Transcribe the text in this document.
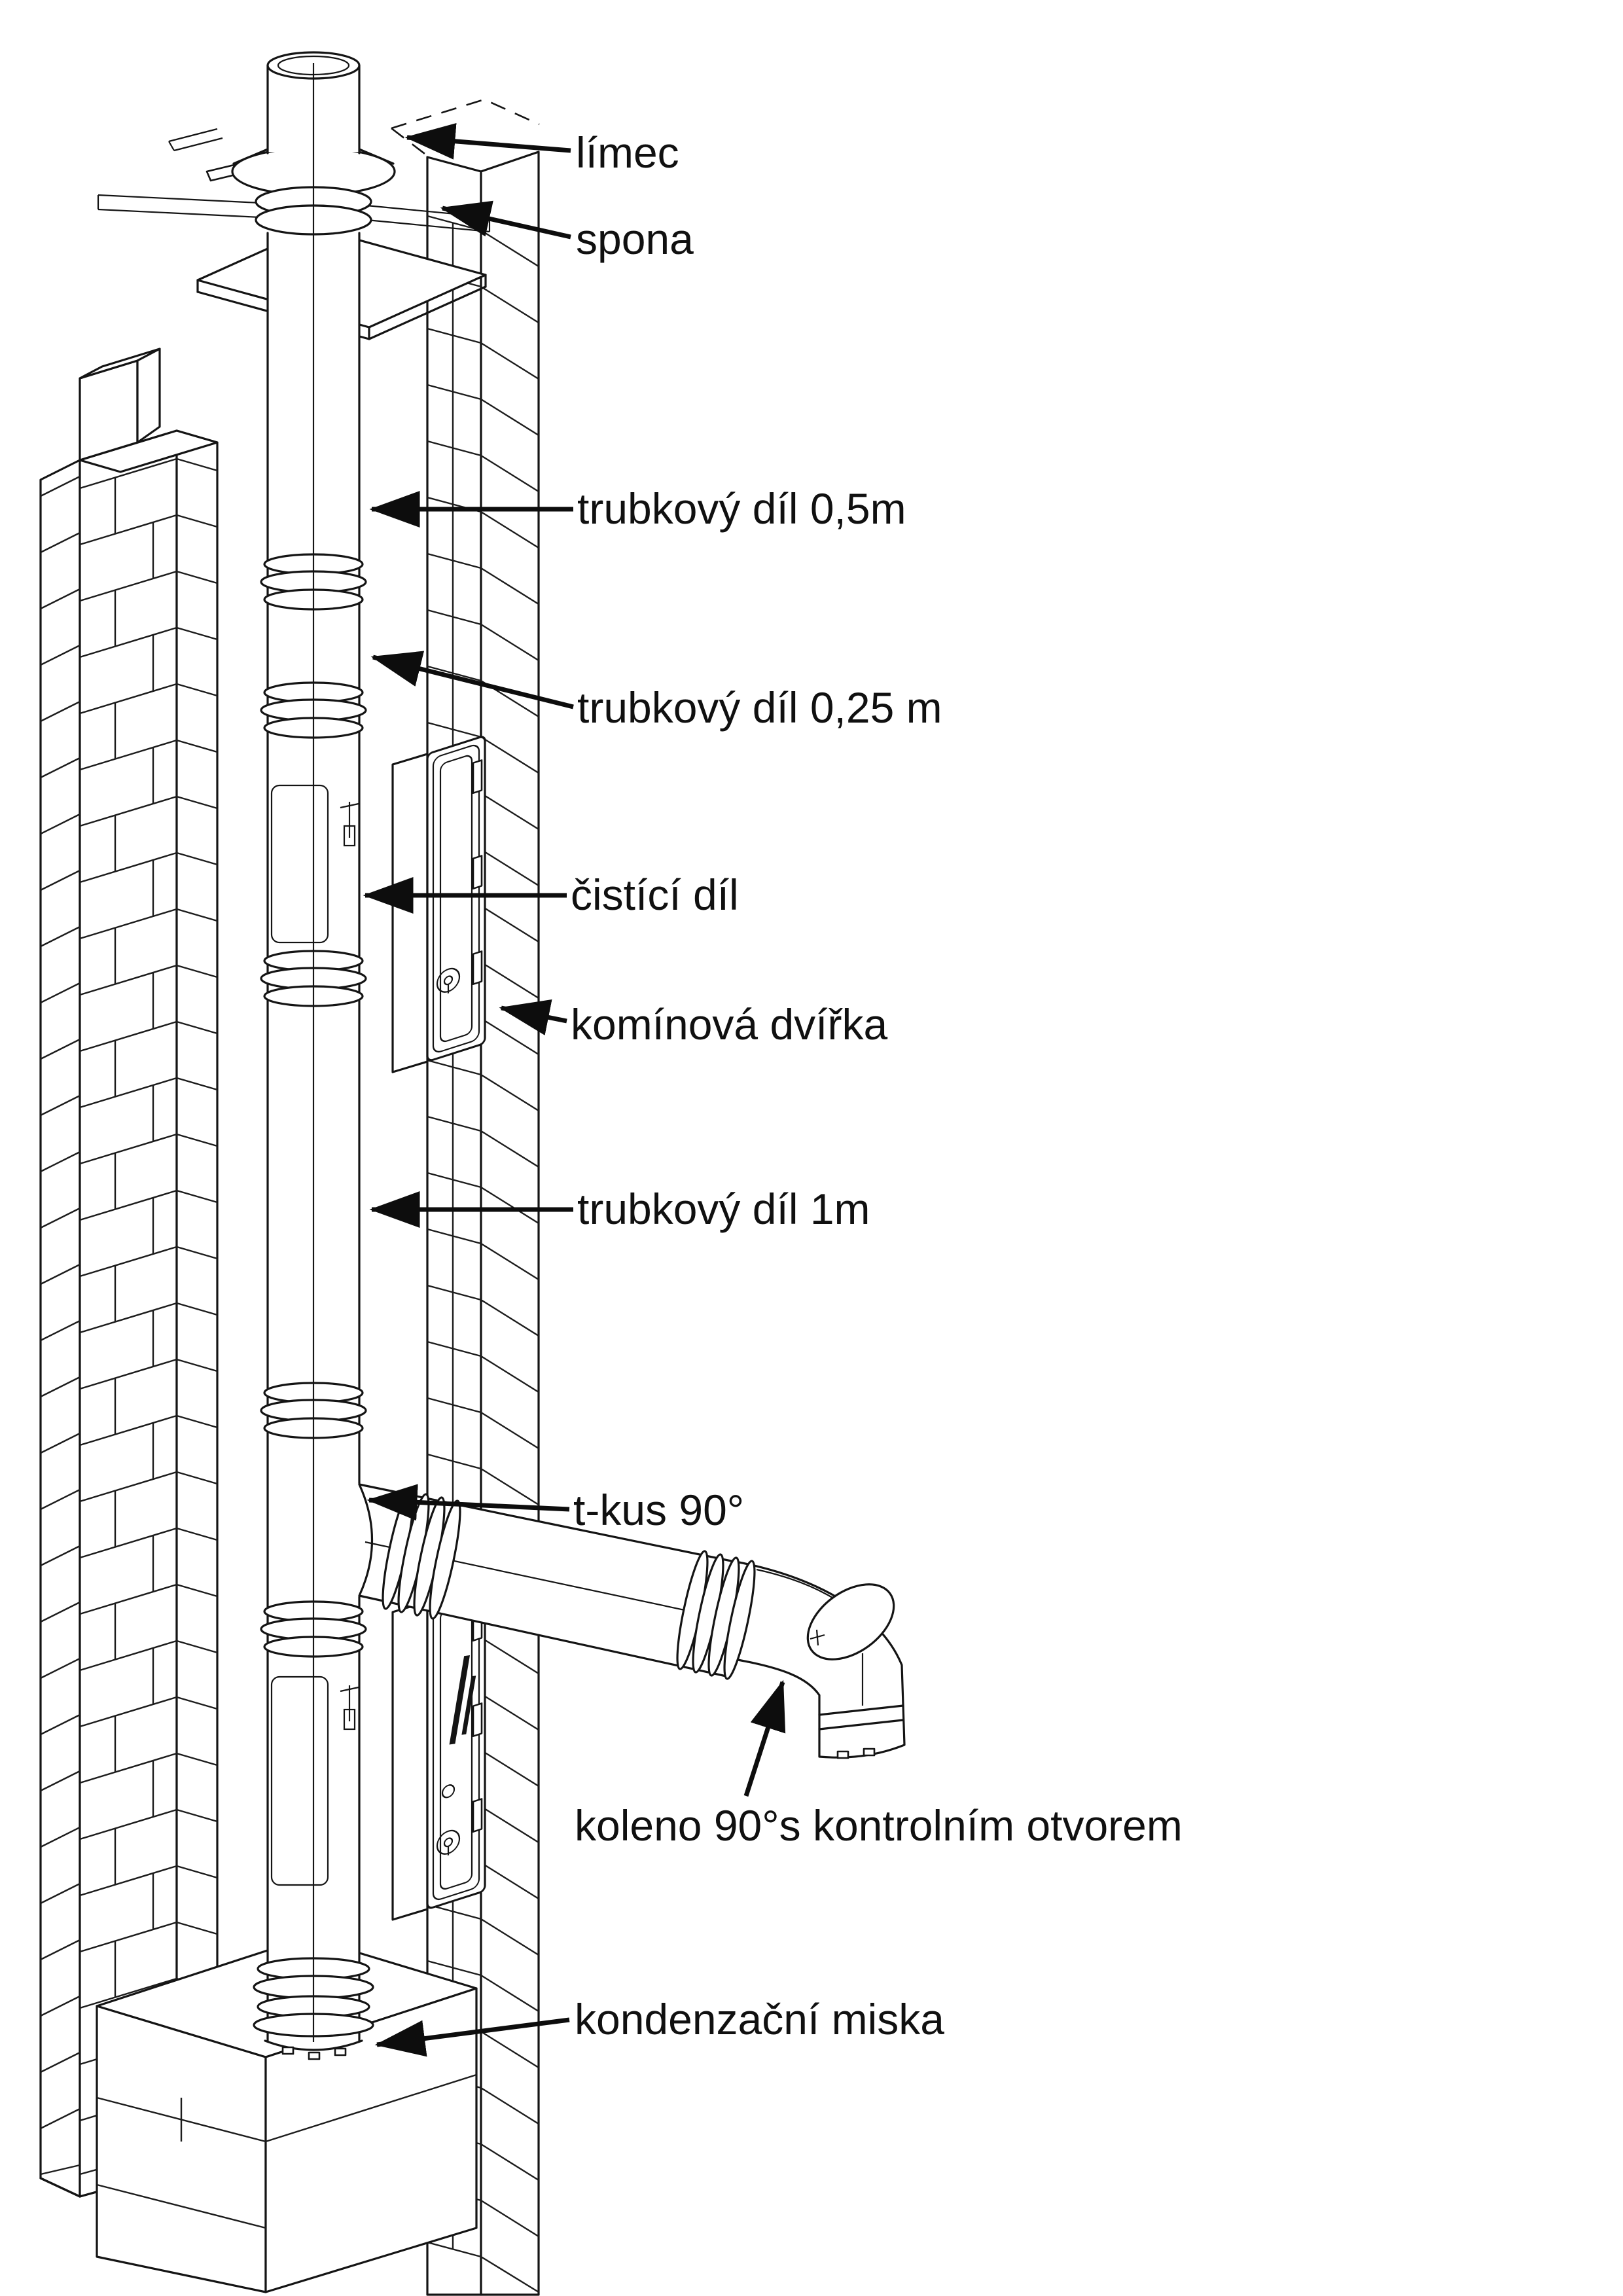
límec
spona
trubkový díl 0,5m
trubkový díl 0,25 m
čistící díl
komínová dvířka
trubkový díl 1m
t-kus 90°
koleno 90°s kontrolním otvorem
kondenzační miska
